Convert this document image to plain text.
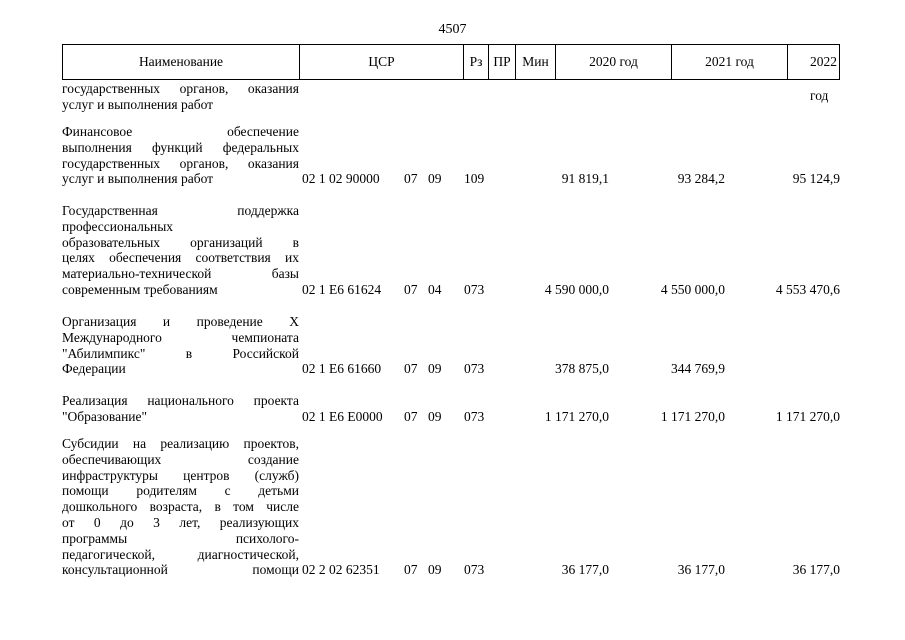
4507
Наименование	ЦСР	Рз ПР Мин	2020 год	2021 год	2022 год
государственных органов, оказания
услуг и выполнения работ
Финансовое обеспечение
выполнения функций федеральных
государственных органов, оказания
услуг и выполнения работ	02 1 02 90000 07 09 109	91 819,1	93 284,2	95 124,9
Государственная поддержка
профессиональных
образовательных организаций в
целях обеспечения соответствия их
материально-технической базы
современным требованиям	02 1 E6 61624 07 04 073	4 590 000,0	4 550 000,0	4 553 470,6
Организация и проведение X
Международного чемпионата
"Абилимпикс" в Российской
Федерации	02 1 E6 61660 07 09 073	378 875,0	344 769,9
Реализация национального проекта
"Образование"	02 1 E6 E0000 07 09 073	1 171 270,0	1 171 270,0	1 171 270,0
Субсидии на реализацию проектов,
обеспечивающих создание
инфраструктуры центров (служб)
помощи родителям с детьми
дошкольного возраста, в том числе
от 0 до 3 лет, реализующих
программы психолого-
педагогической, диагностической,
консультационной помощи 02 2 02 62351 07 09 073	36 177,0	36 177,0	36 177,0
